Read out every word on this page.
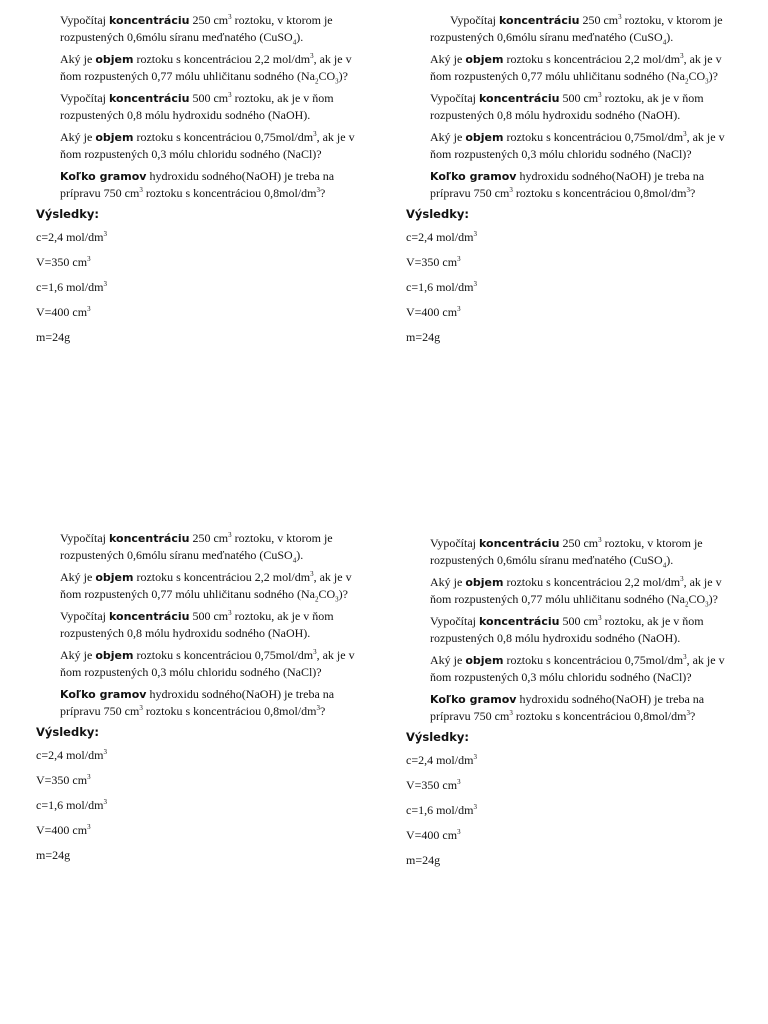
Vypočítaj koncentráciu 250 $cm^3$ roztoku, v ktorom je rozpustených 0,6mólu síranu meďnatého (CuSO$_4$).

Aký je objem roztoku s koncentráciou 2,2 mol/$dm^3$, ak je v ňom rozpustených 0,77 mólu uhličitanu sodného $(Na_2CO_3)$?

Vypočítaj koncentráciu 500 $cm^3$ roztoku, ak je v ňom rozpustených 0,8 mólu hydroxidu sodného (NaOH).

Aký je objem roztoku s koncentráciou $0,75mol/dm^3$, ak je v ňom rozpustených 0,3 mólu chloridu sodného (NaCl)?

Koľko gramov hydroxidu sodného(NaOH) je treba na prípravu 750 $cm^3$ roztoku s koncentráciou $0,8mol/dm^3$?

Výsledky:

c=2,4 mol/$dm^3$

V=350 $cm^3$

c=1,6 mol/$dm^3$

V=400 $cm^3$

m=24g

Vypočítaj koncentráciu 250 $cm^3$ roztoku, v ktorom je rozpustených 0,6mólu síranu meďnatého (CuSO$_4$).

Aký je objem roztoku s koncentráciou 2,2 mol/$dm^3$, ak je v ňom rozpustených 0,77 mólu uhličitanu sodného $(Na_2CO_3)$?

Vypočítaj koncentráciu 500 $cm^3$ roztoku, ak je v ňom rozpustených 0,8 mólu hydroxidu sodného (NaOH).

Aký je objem roztoku s koncentráciou $0,75mol/dm^3$, ak je v ňom rozpustených 0,3 mólu chloridu sodného (NaCl)?

Koľko gramov hydroxidu sodného(NaOH) je treba na prípravu 750 $cm^3$ roztoku s koncentráciou $0,8mol/dm^3$?

Výsledky:

c=2,4 mol/$dm^3$

V=350 $cm^3$

c=1,6 mol/$dm^3$

V=400 $cm^3$

m=24g

Vypočítaj koncentráciu 250 $cm^3$ roztoku, v ktorom je rozpustených 0,6mólu síranu meďnatého (CuSO$_4$).

Aký je objem roztoku s koncentráciou 2,2 mol/$dm^3$, ak je v ňom rozpustených 0,77 mólu uhličitanu sodného $(Na_2CO_3)$?

Vypočítaj koncentráciu 500 $cm^3$ roztoku, ak je v ňom rozpustených 0,8 mólu hydroxidu sodného (NaOH).

Aký je objem roztoku s koncentráciou $0,75mol/dm^3$, ak je v ňom rozpustených 0,3 mólu chloridu sodného (NaCl)?

Koľko gramov hydroxidu sodného(NaOH) je treba na prípravu 750 $cm^3$ roztoku s koncentráciou $0,8mol/dm^3$?

Výsledky:

c=2,4 mol/$dm^3$

V=350 $cm^3$

c=1,6 mol/$dm^3$

V=400 $cm^3$

m=24g

Vypočítaj koncentráciu 250 $cm^3$ roztoku, v ktorom je rozpustených 0,6mólu síranu meďnatého (CuSO$_4$).

Aký je objem roztoku s koncentráciou 2,2 mol/$dm^3$, ak je v ňom rozpustených 0,77 mólu uhličitanu sodného $(Na_2CO_3)$?

Vypočítaj koncentráciu 500 $cm^3$ roztoku, ak je v ňom rozpustených 0,8 mólu hydroxidu sodného (NaOH).

Aký je objem roztoku s koncentráciou $0,75mol/dm^3$, ak je v ňom rozpustených 0,3 mólu chloridu sodného (NaCl)?

Koľko gramov hydroxidu sodného(NaOH) je treba na prípravu 750 $cm^3$ roztoku s koncentráciou $0,8mol/dm^3$?

Výsledky:

c=2,4 mol/$dm^3$

V=350 $cm^3$

c=1,6 mol/$dm^3$

V=400 $cm^3$

m=24g
